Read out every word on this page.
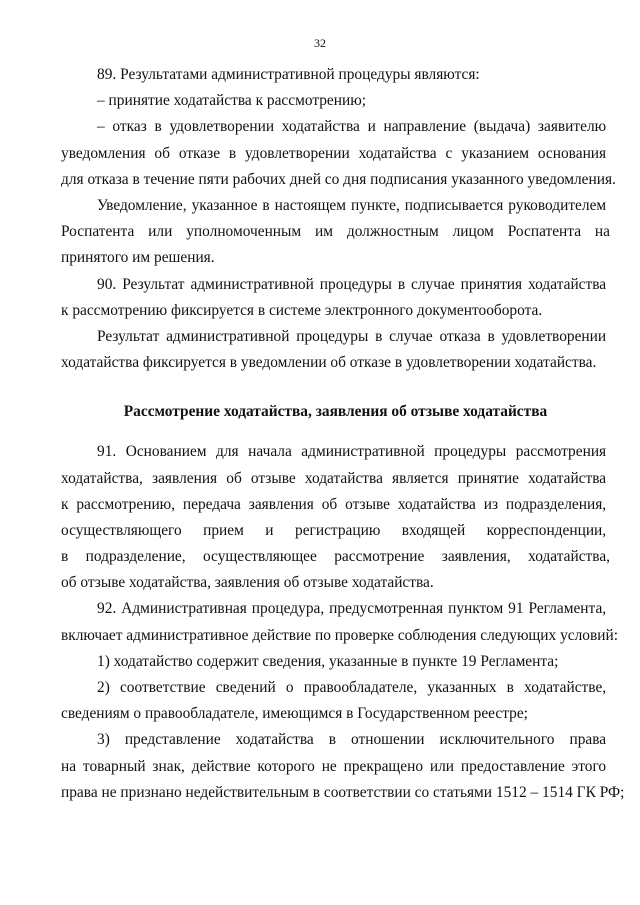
32

89. Результатами административной процедуры являются:

– принятие ходатайства к рассмотрению;

– отказ в удовлетворении ходатайства и направление (выдача) заявителю

уведомления об отказе в удовлетворении ходатайства с указанием основания

для отказа в течение пяти рабочих дней со дня подписания указанного уведомления.

Уведомление, указанное в настоящем пункте, подписывается руководителем

Роспатента или уполномоченным им должностным лицом Роспатента на

принятого им решения.

90. Результат административной процедуры в случае принятия ходатайства

к рассмотрению фиксируется в системе электронного документооборота.

Результат административной процедуры в случае отказа в удовлетворении

ходатайства фиксируется в уведомлении об отказе в удовлетворении ходатайства.

Рассмотрение ходатайства, заявления об отзыве ходатайства

91. Основанием для начала административной процедуры рассмотрения

ходатайства, заявления об отзыве ходатайства является принятие ходатайства

к рассмотрению, передача заявления об отзыве ходатайства из подразделения,

осуществляющего прием и регистрацию входящей корреспонденции,

в подразделение, осуществляющее рассмотрение заявления, ходатайства,

об отзыве ходатайства, заявления об отзыве ходатайства.

92. Административная процедура, предусмотренная пунктом 91 Регламента,

включает административное действие по проверке соблюдения следующих условий:

1) ходатайство содержит сведения, указанные в пункте 19 Регламента;

2) соответствие сведений о правообладателе, указанных в ходатайстве,

сведениям о правообладателе, имеющимся в Государственном реестре;

3) представление ходатайства в отношении исключительного права

на товарный знак, действие которого не прекращено или предоставление этого

права не признано недействительным в соответствии со статьями 1512 – 1514 ГК РФ;
